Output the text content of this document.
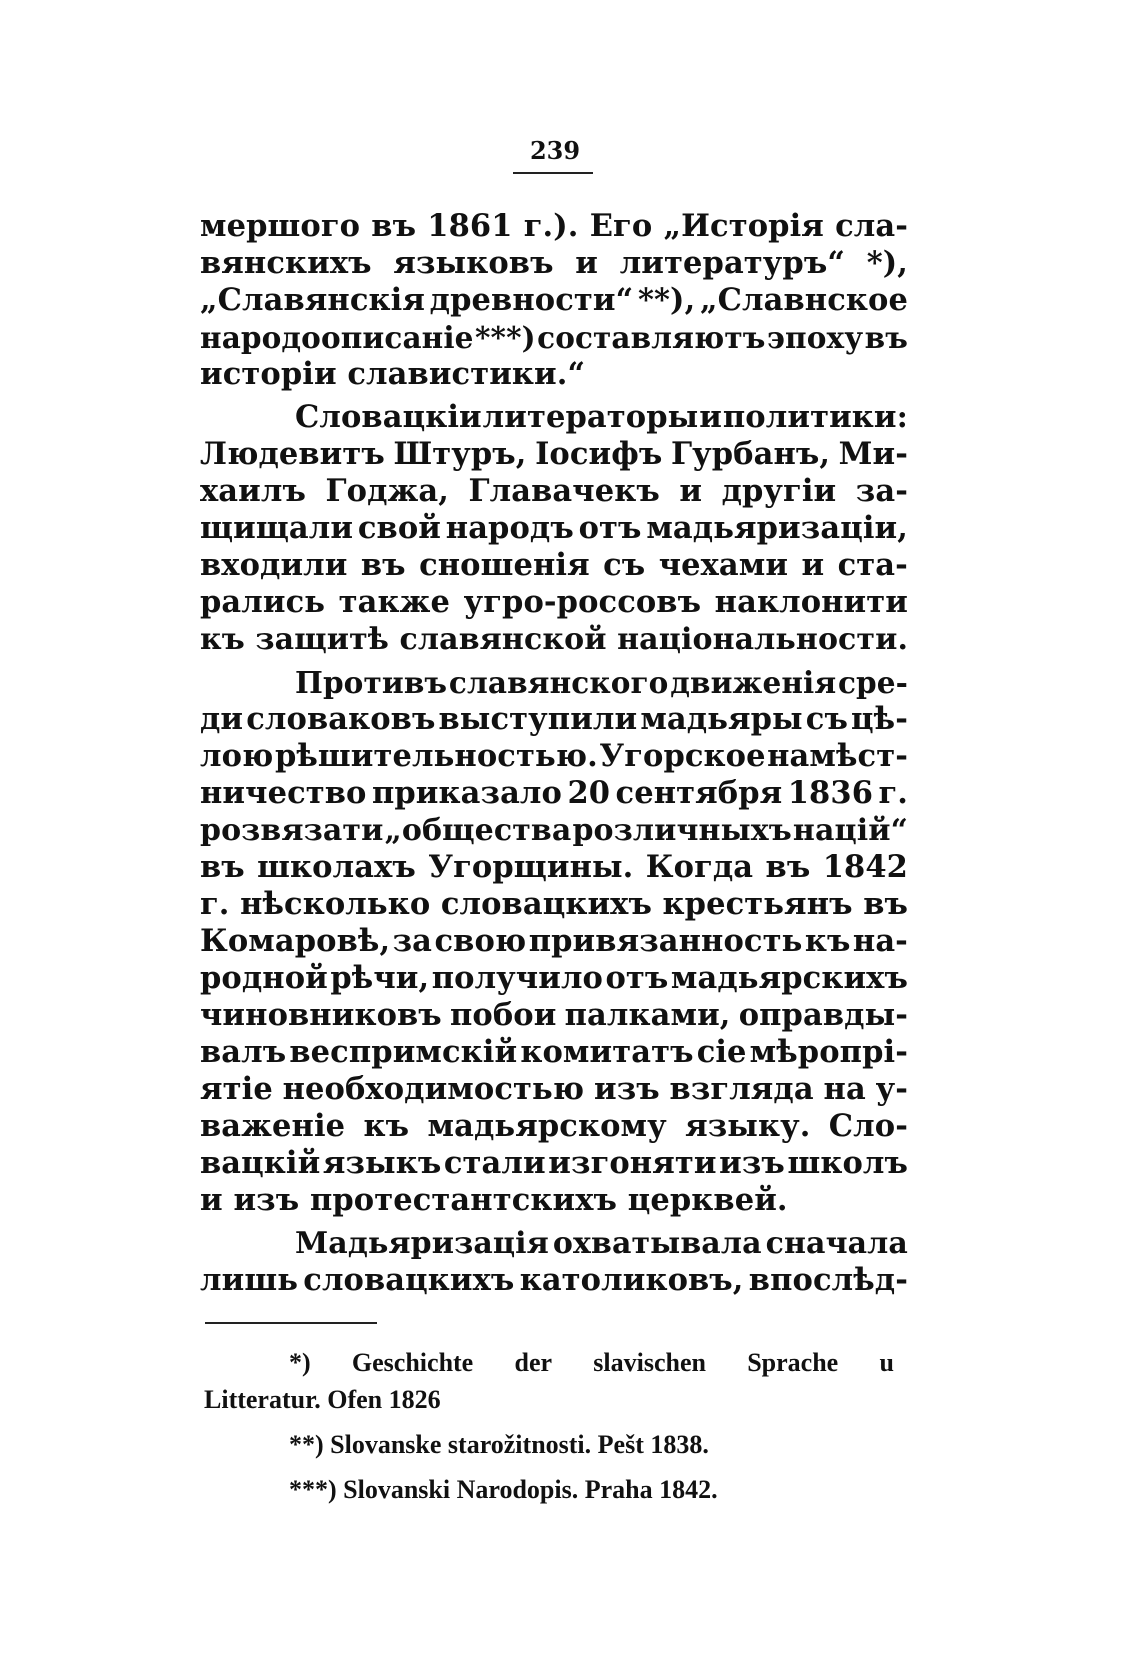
239
мершого въ 1861 г.). Его „Исторія сла-
вянскихъ языковъ и литературъ“ *),
„Славянскія древности“ **), „Славнское
народоописаніе ***) составляютъ эпоху въ
исторіи славистики.“
Словацкіи литераторы и политики:
Людевитъ Штуръ, Іосифъ Гурбанъ, Ми-
хаилъ Годжа, Главачекъ и другіи за-
щищали свой народъ отъ мадьяризаціи,
входили въ сношенія съ чехами и ста-
рались также угро-россовъ наклонити
къ защитѣ славянской національности.
Противъ славянского движенія сре-
ди словаковъ выступили мадьяры съ цѣ-
лою рѣшительностью. Угорское намѣст-
ничество приказало 20 сентября 1836 г.
розвязати „общества розличныхъ націй“
въ школахъ Угорщины. Когда въ 1842
г. нѣсколько словацкихъ крестьянъ въ
Комаровѣ, за свою привязанность къ на-
родной рѣчи, получило отъ мадьярскихъ
чиновниковъ побои палками, оправды-
валъ веспримскій комитатъ сіе мѣропрі-
ятіе необходимостью изъ взгляда на у-
важеніе къ мадьярскому языку. Сло-
вацкій языкъ стали изгоняти изъ школъ
и изъ протестантскихъ церквей.
Мадьяризація охватывала сначала
лишь словацкихъ католиковъ, впослѣд-
*) Geschichte der slavischen Sprache u
Litteratur. Ofen 1826
**) Slovanske starožitnosti. Pešt 1838.
***) Slovanski Narodopis. Praha 1842.
